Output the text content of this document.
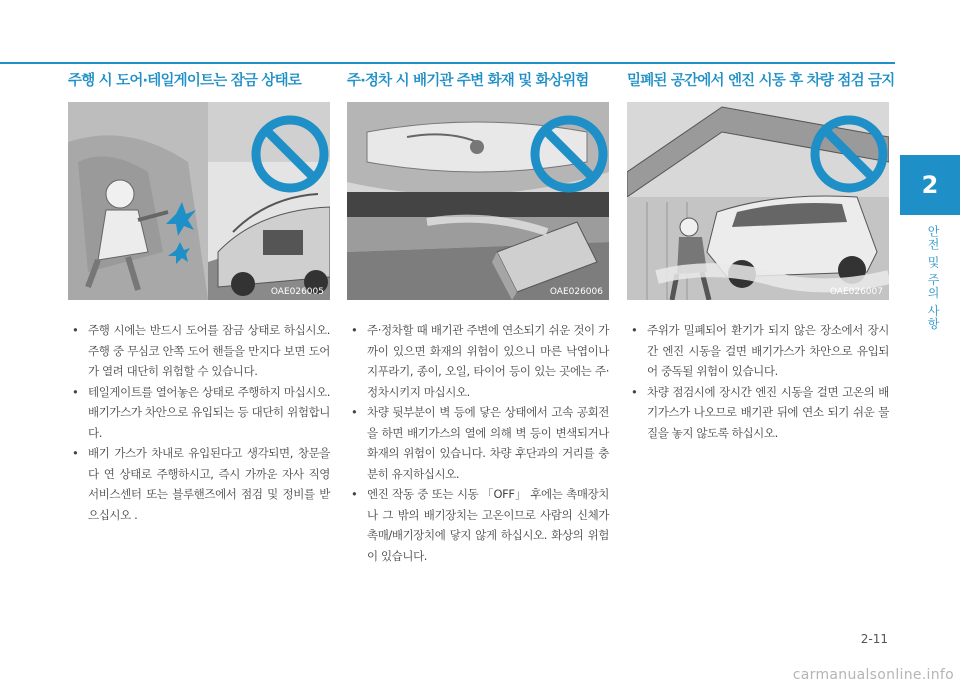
2
안전 및 주의 사항
주행 시 도어·테일게이트는 잠금 상태로
OAE026005
• 주행 시에는 반드시 도어를 잠금 상태로 하십시오. 주행 중 무심코 안쪽 도어 핸들을 만지다 보면 도어가 열려 대단히 위험할 수 있습니다.
• 테일게이트를 열어놓은 상태로 주행하지 마십시오. 배기가스가 차안으로 유입되는 등 대단히 위험합니다.
• 배기 가스가 차내로 유입된다고 생각되면, 창문을 다 연 상태로 주행하시고, 즉시 가까운 자사 직영 서비스센터 또는 블루핸즈에서 점검 및 정비를 받으십시오 .
주·정차 시 배기관 주변 화재 및 화상위험
OAE026006
• 주·정차할 때 배기관 주변에 연소되기 쉬운 것이 가까이 있으면 화재의 위험이 있으니 마른 낙엽이나 지푸라기, 종이, 오일, 타이어 등이 있는 곳에는 주·정차시키지 마십시오.
• 차량 뒷부분이 벽 등에 닿은 상태에서 고속 공회전을 하면 배기가스의 열에 의해 벽 등이 변색되거나 화재의 위험이 있습니다. 차량 후단과의 거리를 충분히 유지하십시오.
• 엔진 작동 중 또는 시동 「OFF」 후에는 촉매장치나 그 밖의 배기장치는 고온이므로 사람의 신체가 촉매/배기장치에 닿지 않게 하십시오. 화상의 위험이 있습니다.
밀폐된 공간에서 엔진 시동 후 차량 점검 금지
OAE026007
• 주위가 밀폐되어 환기가 되지 않은 장소에서 장시간 엔진 시동을 걸면 배기가스가 차안으로 유입되어 중독될 위험이 있습니다.
• 차량 점검시에 장시간 엔진 시동을 걸면 고온의 배기가스가 나오므로 배기관 뒤에 연소 되기 쉬운 물질을 놓지 않도록 하십시오.
2-11
carmanualsonline.info
